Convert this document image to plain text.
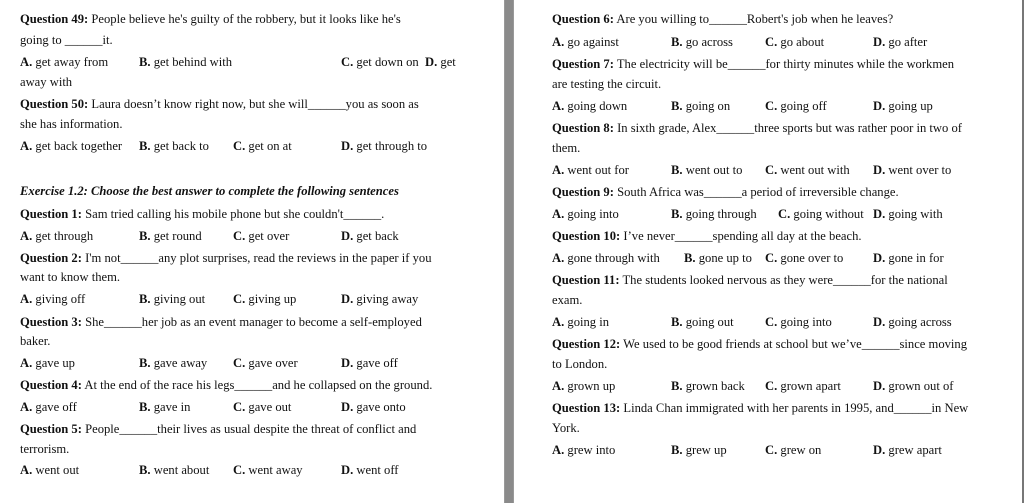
Question 49: People believe he's guilty of the robbery, but it looks like he's
going to ______it.
A. get away from B. get behind with	C. get down on D. get
away with
Question 50: Laura doesn’t know right now, but she will______you as soon as
she has information.
A. get back together B. get back to C. get on at	D. get through to
Exercise 1.2: Choose the best answer to complete the following sentences
Question 1: Sam tried calling his mobile phone but she couldn't______.
A. get through	B. get round C. get over	D. get back
Question 2: I'm not______any plot surprises, read the reviews in the paper if you
want to know them.
A. giving off	B. giving out C. giving up	D. giving away
Question 3: She______her job as an event manager to become a self-employed
baker.
A. gave up	B. gave away C. gave over	D. gave off
Question 4: At the end of the race his legs______and he collapsed on the ground.
A. gave off	B. gave in	C. gave out	D. gave onto
Question 5: People______their lives as usual despite the threat of conflict and
terrorism.
A. went out	B. went about C. went away	D. went off
Question 6: Are you willing to______Robert's job when he leaves?
A. go against	B. go across	C. go about	D. go after
Question 7: The electricity will be______for thirty minutes while the workmen
are testing the circuit.
A. going down	B. going on	C. going off	D. going up
Question 8: In sixth grade, Alex______three sports but was rather poor in two of
them.
A. went out for	B. went out to C. went out with D. went over to
Question 9: South Africa was______a period of irreversible change.
A. going into	B. going through C. going without D. going with
Question 10: I’ve never______spending all day at the beach.
A. gone through with B. gone up to C. gone over to D. gone in for
Question 11: The students looked nervous as they were______for the national
exam.
A. going in	B. going out C. going into	D. going across
Question 12: We used to be good friends at school but we’ve______since moving
to London.
A. grown up	B. grown back C. grown apart	D. grown out of
Question 13: Linda Chan immigrated with her parents in 1995, and______in New
York.
A. grew into	B. grew up	C. grew on	D. grew apart
